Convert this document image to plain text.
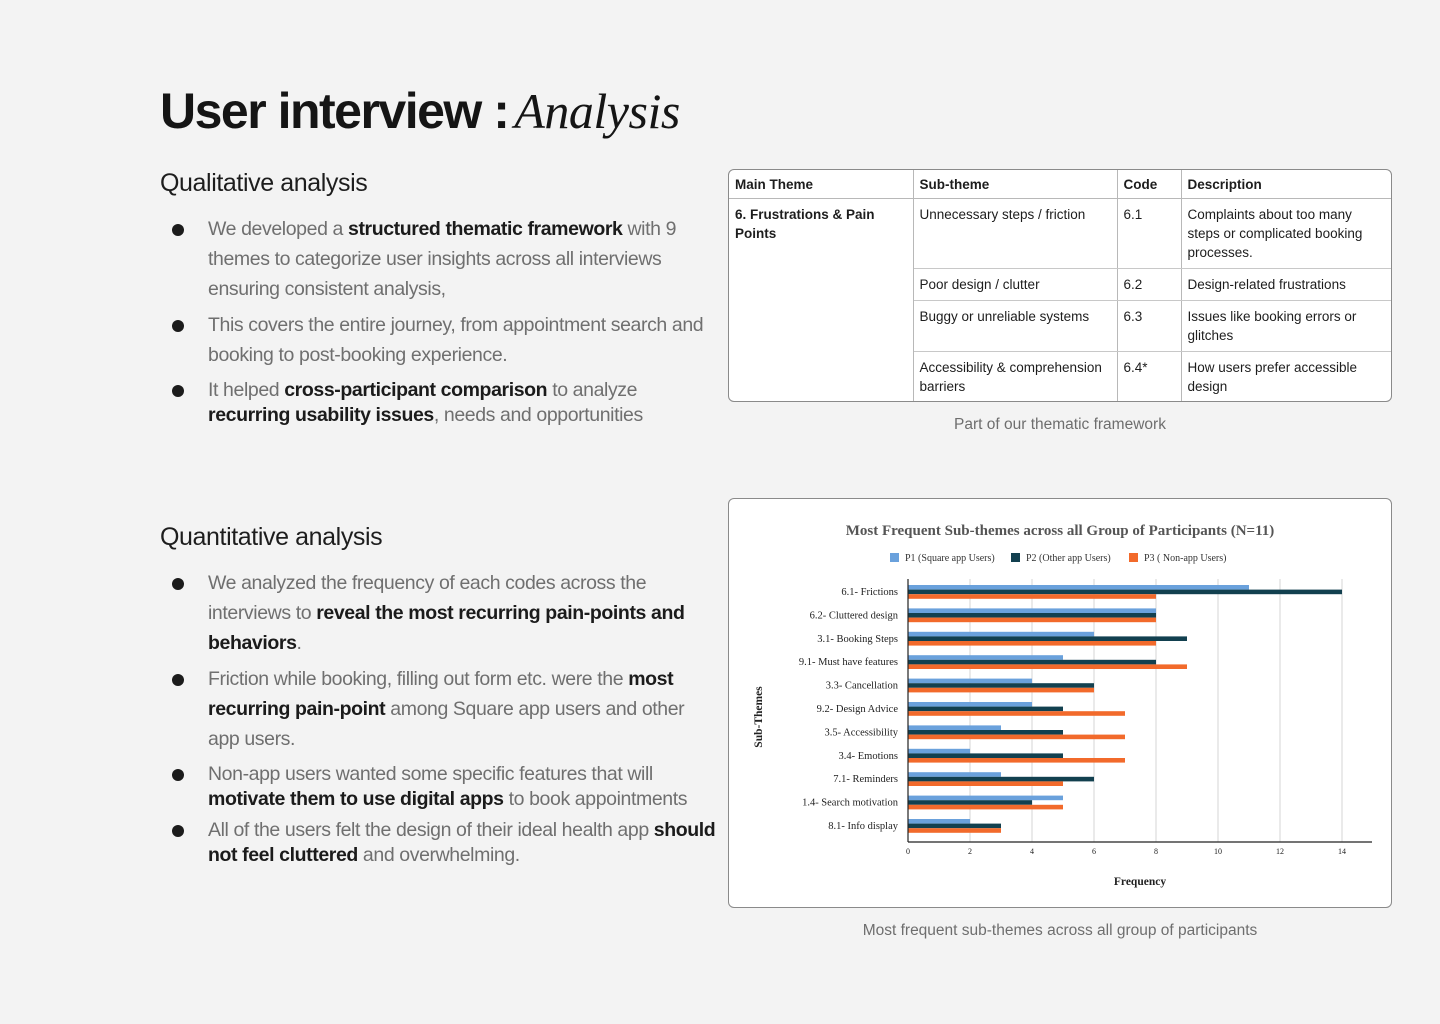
User interview : Analysis
Qualitative analysis
We developed a structured thematic framework with 9 themes to categorize user insights across all interviews ensuring consistent analysis,
This covers the entire journey, from appointment search and booking to post-booking experience.
It helped cross-participant comparison to analyze recurring usability issues, needs and opportunities
Main Theme	Sub-theme	Code	Description
6. Frustrations & Pain Points	Unnecessary steps / friction	6.1	Complaints about too many steps or complicated booking processes.
	Poor design / clutter	6.2	Design-related frustrations
	Buggy or unreliable systems	6.3	Issues like booking errors or glitches
	Accessibility & comprehension barriers	6.4*	How users prefer accessible design
Part of our thematic framework
Quantitative analysis
We analyzed the frequency of each codes across the interviews to reveal the most recurring pain-points and behaviors.
Friction while booking, filling out form etc. were the most recurring pain-point among Square app users and other app users.
Non-app users wanted some specific features that will motivate them to use digital apps to book appointments
All of the users felt the design of their ideal health app should not feel cluttered and overwhelming.
Most Frequent Sub-themes across all Group of Participants (N=11)
P1 (Square app Users)	P2 (Other app Users)	P3 ( Non-app Users)
0	2	4	6	8	10	12	14
6.1- Frictions
6.2- Cluttered design
3.1- Booking Steps
9.1- Must have features
3.3- Cancellation
9.2- Design Advice
3.5- Accessibility
3.4- Emotions
7.1- Reminders
1.4- Search motivation
8.1- Info display
Frequency
Sub-Themes
Most frequent sub-themes across all group of participants
